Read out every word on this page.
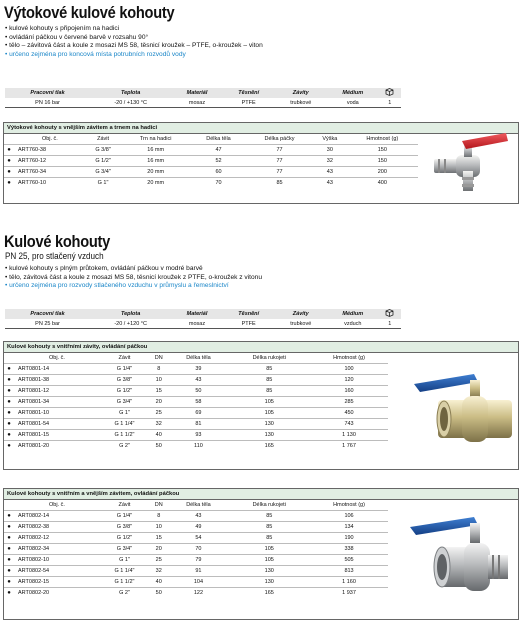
Výtokové kulové kohouty
• kulové kohouty s připojením na hadici
• ovládání páčkou v červené barvě v rozsahu 90°
• tělo – závitová část a koule z mosazi MS 58, těsnicí kroužek – PTFE, o-kroužek – viton
• určeno zejména pro koncová místa potrubních rozvodů vody
Pracovní tlak	Teplota	Materiál	Těsnění	Závity	Médium	
PN 16 bar	-20 / +130 °C	mosaz	PTFE	trubkové	voda	1
Výtokové kohouty s vnějším závitem a trnem na hadici
	Obj. č.	Závit	Trn na hadici	Délka těla	Délka páčky	Výška	Hmotnost (g)
●	ART760-38	G 3/8"	16 mm	47	77	30	150
●	ART760-12	G 1/2"	16 mm	52	77	32	150
●	ART760-34	G 3/4"	20 mm	60	77	43	200
●	ART760-10	G 1"	20 mm	70	85	43	400
Kulové kohouty
PN 25, pro stlačený vzduch
• kulové kohouty s plným průtokem, ovládání páčkou v modré barvě
• tělo, závitová část a koule z mosazi MS 58, těsnicí kroužek z PTFE, o-kroužek z vitonu
• určeno zejména pro rozvody stlačeného vzduchu v průmyslu a řemeslnictví
Pracovní tlak	Teplota	Materiál	Těsnění	Závity	Médium	
PN 25 bar	-20 / +120 °C	mosaz	PTFE	trubkové	vzduch	1
Kulové kohouty s vnitřními závity, ovládání páčkou
	Obj. č.	Závit	DN	Délka těla	Délka rukojeti	Hmotnost (g)
●	ART0801-14	G 1/4"	8	39	85	100
●	ART0801-38	G 3/8"	10	43	85	120
●	ART0801-12	G 1/2"	15	50	85	160
●	ART0801-34	G 3/4"	20	58	105	285
●	ART0801-10	G 1"	25	69	105	450
●	ART0801-54	G 1 1/4"	32	81	130	743
●	ART0801-15	G 1 1/2"	40	93	130	1 130
●	ART0801-20	G 2"	50	110	165	1 767
Kulové kohouty s vnitřním a vnějším závitem, ovládání páčkou
	Obj. č.	Závit	DN	Délka těla	Délka rukojeti	Hmotnost (g)
●	ART0802-14	G 1/4"	8	43	85	106
●	ART0802-38	G 3/8"	10	49	85	134
●	ART0802-12	G 1/2"	15	54	85	190
●	ART0802-34	G 3/4"	20	70	105	338
●	ART0802-10	G 1"	25	79	105	505
●	ART0802-54	G 1 1/4"	32	91	130	813
●	ART0802-15	G 1 1/2"	40	104	130	1 160
●	ART0802-20	G 2"	50	122	165	1 937
